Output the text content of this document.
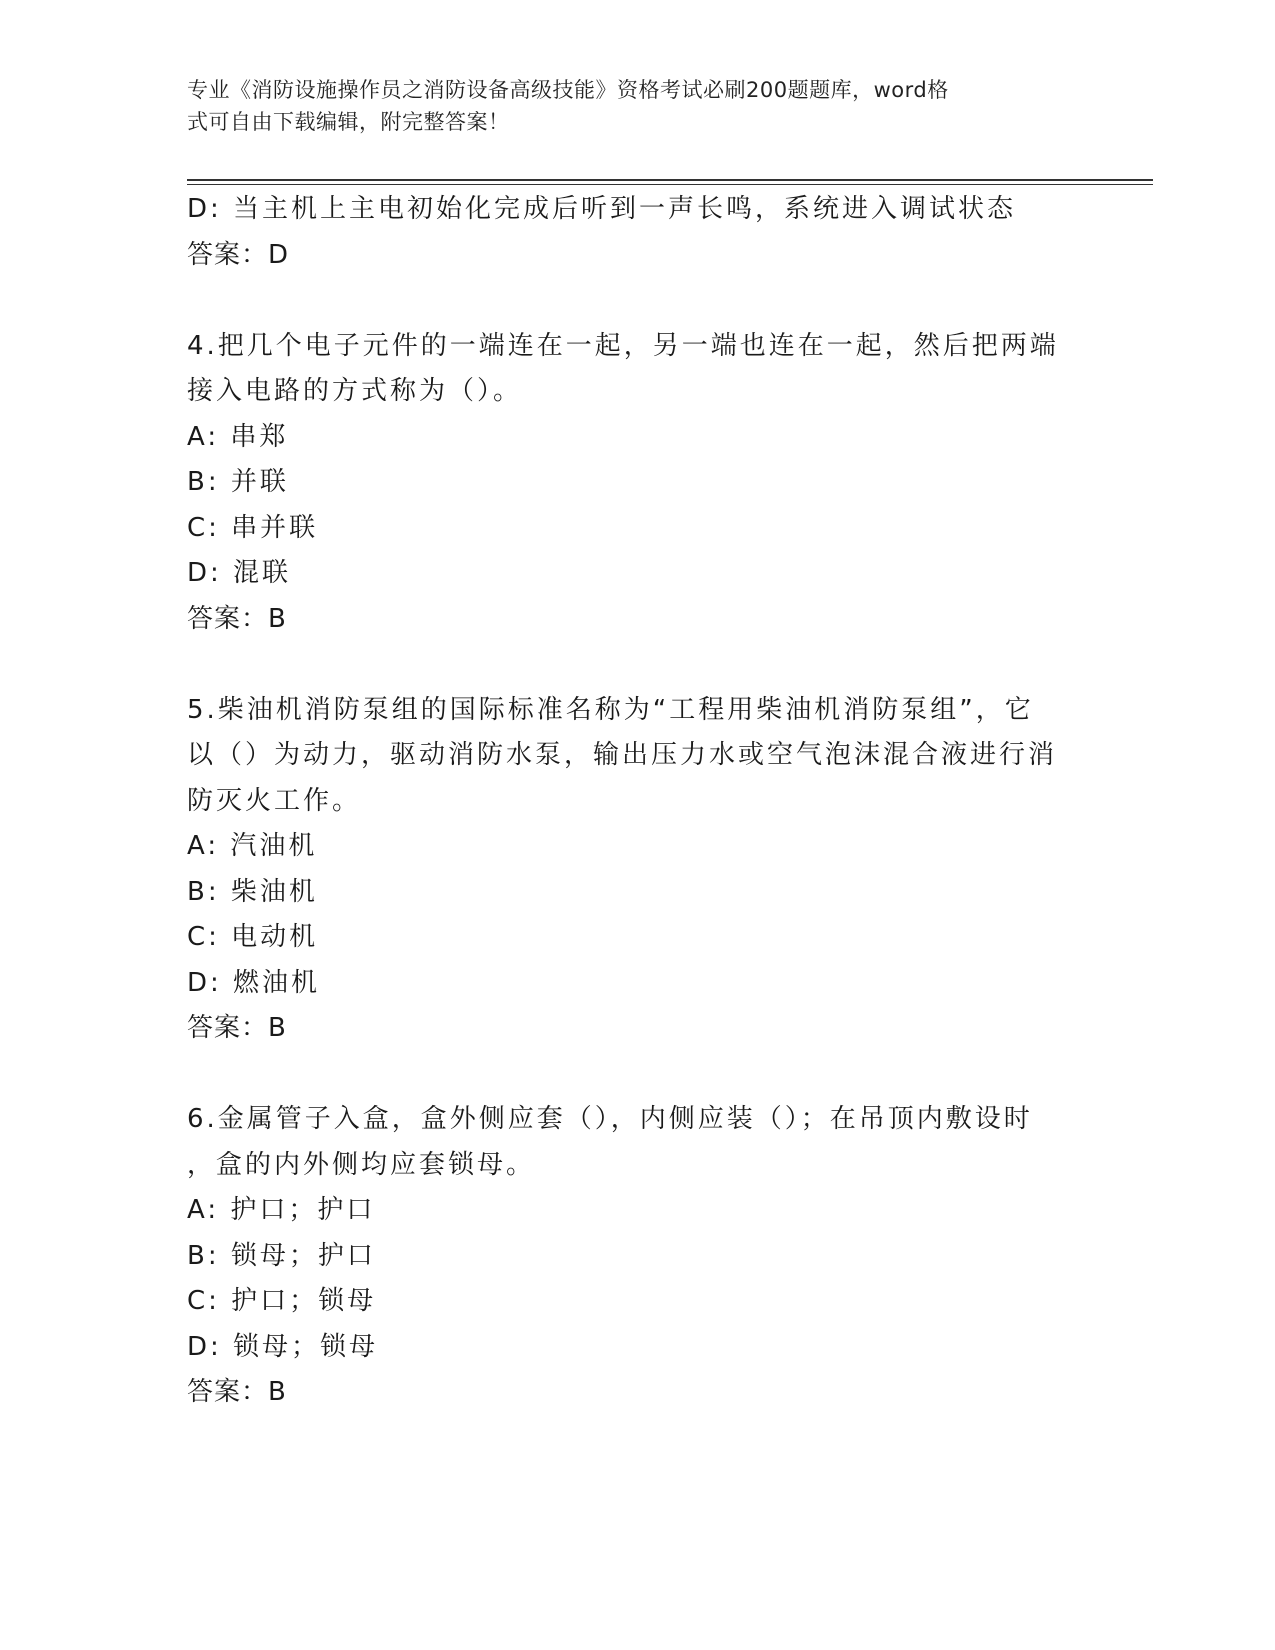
专业《消防设施操作员之消防设备高级技能》资格考试必刷200题题库，word格
式可自由下载编辑，附完整答案！
D: 当主机上主电初始化完成后听到一声长鸣，系统进入调试状态
答案：D
4.把几个电子元件的一端连在一起，另一端也连在一起，然后把两端
接入电路的方式称为（）。
A: 串郑
B: 并联
C: 串并联
D: 混联
答案：B
5.柴油机消防泵组的国际标准名称为“工程用柴油机消防泵组”，它
以（）为动力，驱动消防水泵，输出压力水或空气泡沫混合液进行消
防灭火工作。
A: 汽油机
B: 柴油机
C: 电动机
D: 燃油机
答案：B
6.金属管子入盒，盒外侧应套（），内侧应装（）；在吊顶内敷设时
，盒的内外侧均应套锁母。
A: 护口；护口
B: 锁母；护口
C: 护口；锁母
D: 锁母；锁母
答案：B
